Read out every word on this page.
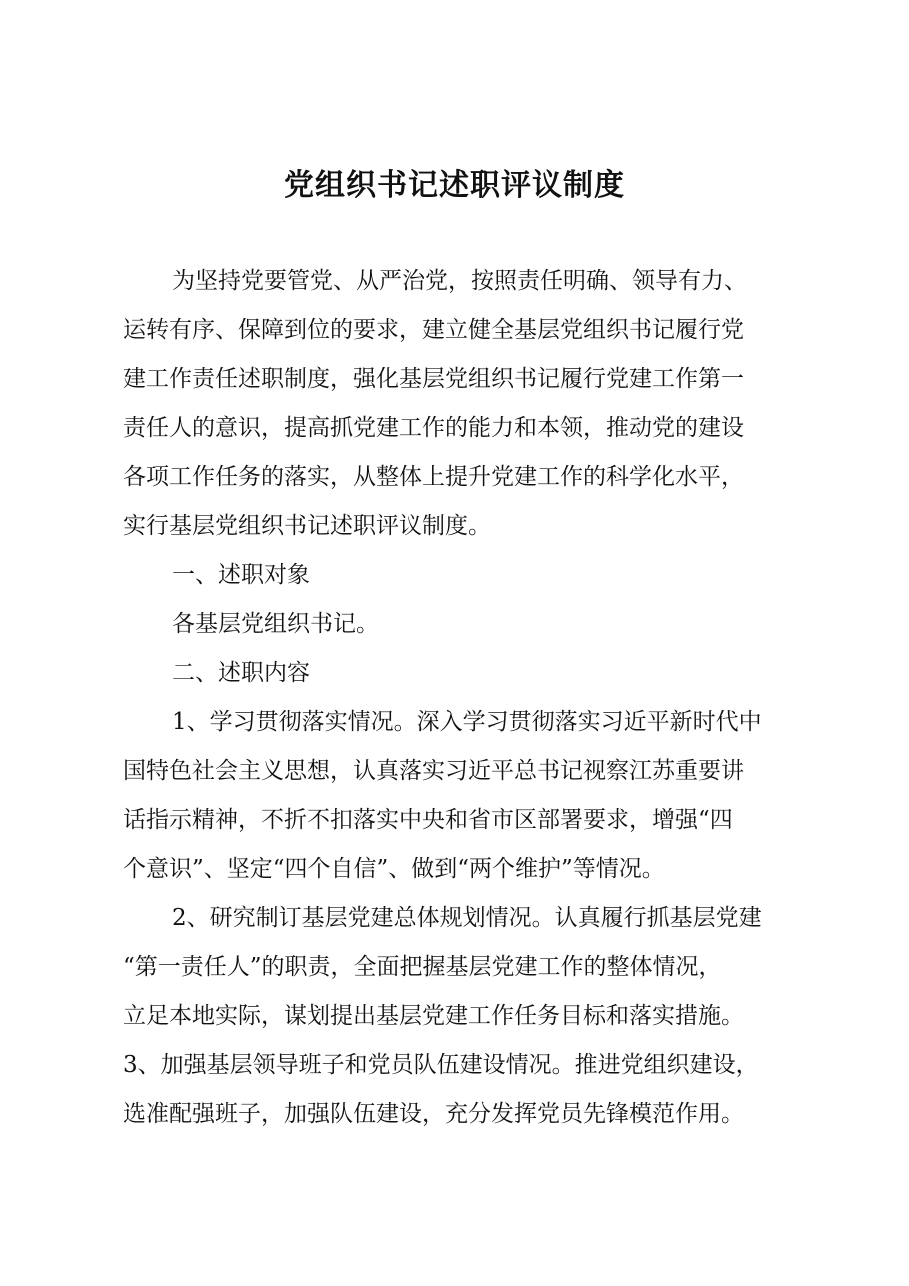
党组织书记述职评议制度
为坚持党要管党、从严治党，按照责任明确、领导有力、
运转有序、保障到位的要求，建立健全基层党组织书记履行党
建工作责任述职制度，强化基层党组织书记履行党建工作第一
责任人的意识，提高抓党建工作的能力和本领，推动党的建设
各项工作任务的落实，从整体上提升党建工作的科学化水平，
实行基层党组织书记述职评议制度。
一、述职对象
各基层党组织书记。
二、述职内容
1、学习贯彻落实情况。深入学习贯彻落实习近平新时代中
国特色社会主义思想，认真落实习近平总书记视察江苏重要讲
话指示精神，不折不扣落实中央和省市区部署要求，增强“四
个意识”、坚定“四个自信”、做到“两个维护”等情况。
2、研究制订基层党建总体规划情况。认真履行抓基层党建
“第一责任人”的职责，全面把握基层党建工作的整体情况，
立足本地实际，谋划提出基层党建工作任务目标和落实措施。
3、加强基层领导班子和党员队伍建设情况。推进党组织建设，
选准配强班子，加强队伍建设，充分发挥党员先锋模范作用。
